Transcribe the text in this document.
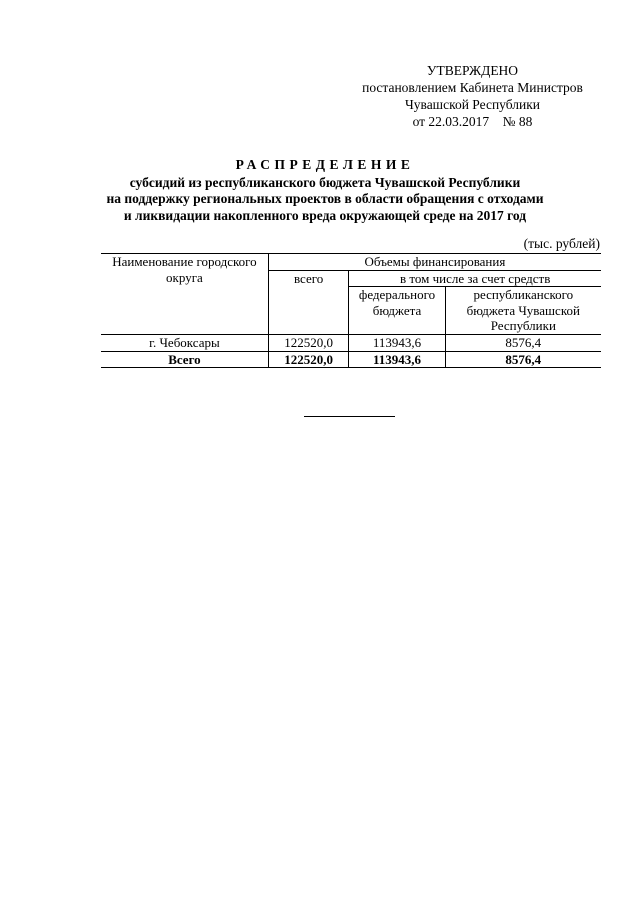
УТВЕРЖДЕНО
постановлением Кабинета Министров
Чувашской Республики
от 22.03.2017    № 88
РАСПРЕДЕЛЕНИЕ
субсидий из республиканского бюджета Чувашской Республики
на поддержку региональных проектов в области обращения с отходами
и ликвидации накопленного вреда окружающей среде на 2017 год
(тыс. рублей)
Наименование городского округа	Объемы финансирования		
	всего	в том числе за счет средств	
		федерального бюджета	республиканского бюджета Чувашской Республики
г. Чебоксары	122520,0	113943,6	8576,4
Всего	122520,0	113943,6	8576,4
